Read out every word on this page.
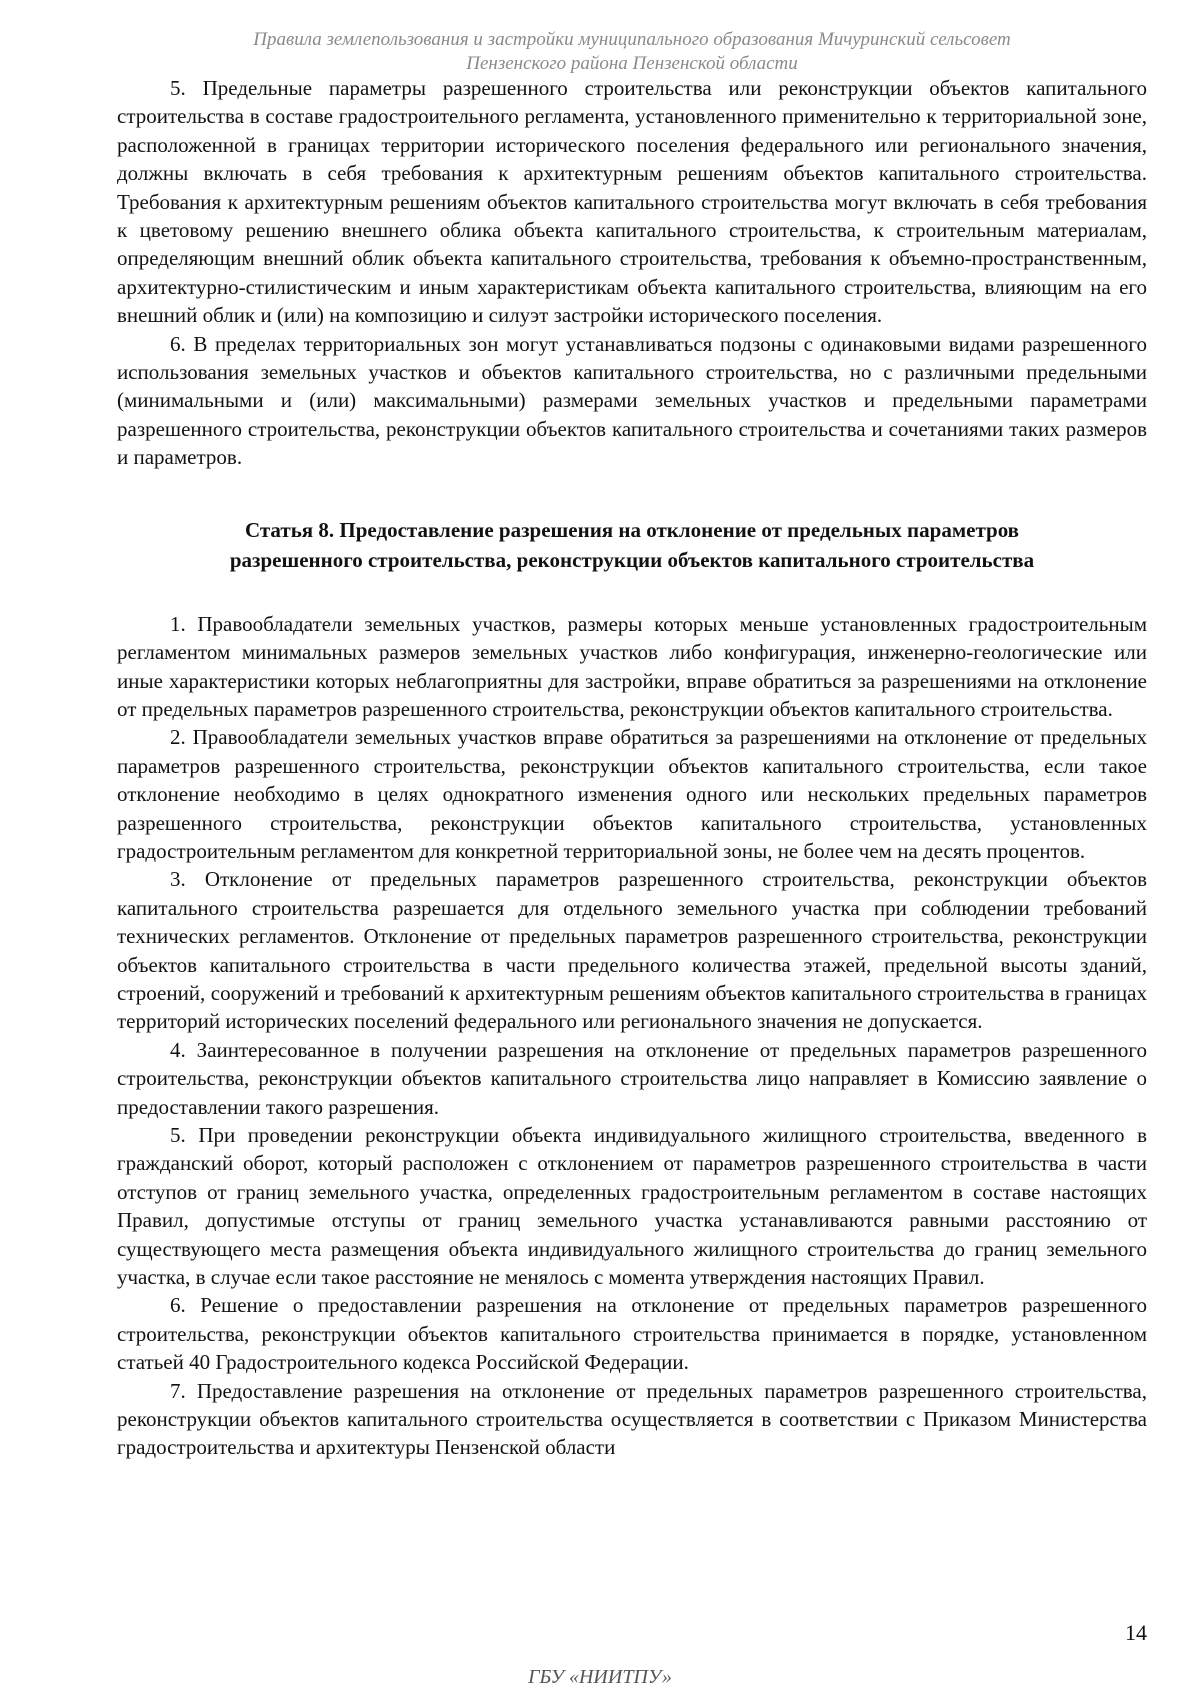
Правила землепользования и застройки муниципального образования Мичуринский сельсовет
Пензенского района Пензенской области

5. Предельные параметры разрешенного строительства или реконструкции объектов капитального строительства в составе градостроительного регламента, установленного применительно к территориальной зоне, расположенной в границах территории исторического поселения федерального или регионального значения, должны включать в себя требования к архитектурным решениям объектов капитального строительства. Требования к архитектурным решениям объектов капитального строительства могут включать в себя требования к цветовому решению внешнего облика объекта капитального строительства, к строительным материалам, определяющим внешний облик объекта капитального строительства, требования к объемно-пространственным, архитектурно-стилистическим и иным характеристикам объекта капитального строительства, влияющим на его внешний облик и (или) на композицию и силуэт застройки исторического поселения.

6. В пределах территориальных зон могут устанавливаться подзоны с одинаковыми видами разрешенного использования земельных участков и объектов капитального строительства, но с различными предельными (минимальными и (или) максимальными) размерами земельных участков и предельными параметрами разрешенного строительства, реконструкции объектов капитального строительства и сочетаниями таких размеров и параметров.

Статья 8. Предоставление разрешения на отклонение от предельных параметров
разрешенного строительства, реконструкции объектов капитального строительства

1. Правообладатели земельных участков, размеры которых меньше установленных градостроительным регламентом минимальных размеров земельных участков либо конфигурация, инженерно-геологические или иные характеристики которых неблагоприятны для застройки, вправе обратиться за разрешениями на отклонение от предельных параметров разрешенного строительства, реконструкции объектов капитального строительства.

2. Правообладатели земельных участков вправе обратиться за разрешениями на отклонение от предельных параметров разрешенного строительства, реконструкции объектов капитального строительства, если такое отклонение необходимо в целях однократного изменения одного или нескольких предельных параметров разрешенного строительства, реконструкции объектов капитального строительства, установленных градостроительным регламентом для конкретной территориальной зоны, не более чем на десять процентов.

3. Отклонение от предельных параметров разрешенного строительства, реконструкции объектов капитального строительства разрешается для отдельного земельного участка при соблюдении требований технических регламентов. Отклонение от предельных параметров разрешенного строительства, реконструкции объектов капитального строительства в части предельного количества этажей, предельной высоты зданий, строений, сооружений и требований к архитектурным решениям объектов капитального строительства в границах территорий исторических поселений федерального или регионального значения не допускается.

4. Заинтересованное в получении разрешения на отклонение от предельных параметров разрешенного строительства, реконструкции объектов капитального строительства лицо направляет в Комиссию заявление о предоставлении такого разрешения.

5. При проведении реконструкции объекта индивидуального жилищного строительства, введенного в гражданский оборот, который расположен с отклонением от параметров разрешенного строительства в части отступов от границ земельного участка, определенных градостроительным регламентом в составе настоящих Правил, допустимые отступы от границ земельного участка устанавливаются равными расстоянию от существующего места размещения объекта индивидуального жилищного строительства до границ земельного участка, в случае если такое расстояние не менялось с момента утверждения настоящих Правил.

6. Решение о предоставлении разрешения на отклонение от предельных параметров разрешенного строительства, реконструкции объектов капитального строительства принимается в порядке, установленном статьей 40 Градостроительного кодекса Российской Федерации.

7. Предоставление разрешения на отклонение от предельных параметров разрешенного строительства, реконструкции объектов капитального строительства осуществляется в соответствии с Приказом Министерства градостроительства и архитектуры Пензенской области

14
ГБУ «НИИТПУ»
